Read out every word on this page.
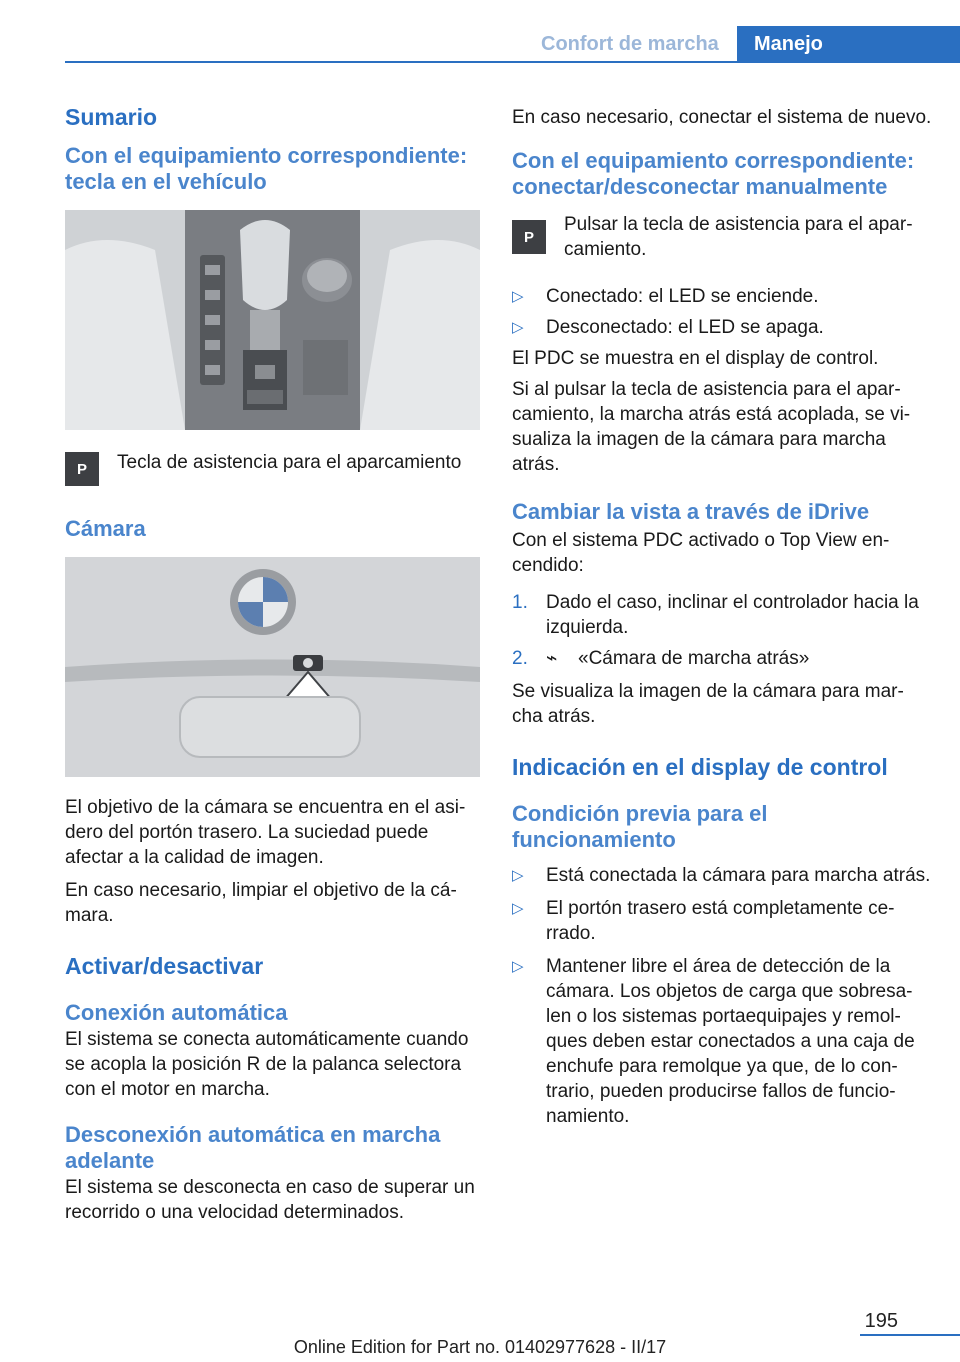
Confort de marcha	Manejo
Sumario
Con el equipamiento correspondiente: tecla en el vehículo
P	Tecla de asistencia para el aparcamiento

Cámara

El objetivo de la cámara se encuentra en el asi‐dero del portón trasero. La suciedad puede afectar a la calidad de imagen.

En caso necesario, limpiar el objetivo de la cá‐mara.

Activar/desactivar
Conexión automática

El sistema se conecta automáticamente cuando se acopla la posición R de la palanca selectora con el motor en marcha.

Desconexión automática en marcha adelante

El sistema se desconecta en caso de superar un recorrido o una velocidad determinados.

En caso necesario, conectar el sistema de nuevo.

Con el equipamiento correspondiente: conectar/desconectar manualmente
P

Pulsar la tecla de asistencia para el apar‐camiento.

▷ Conectado: el LED se enciende.
▷ Desconectado: el LED se apaga.

El PDC se muestra en el display de control.

Si al pulsar la tecla de asistencia para el apar‐camiento, la marcha atrás está acoplada, se vi‐sualiza la imagen de la cámara para marcha atrás.

Cambiar la vista a través de iDrive

Con el sistema PDC activado o Top View en‐cendido:

1. Dado el caso, inclinar el controlador hacia la izquierda.
2. ⌁ «Cámara de marcha atrás»

Se visualiza la imagen de la cámara para mar‐cha atrás.

Indicación en el display de control
Condición previa para el funcionamiento
▷ Está conectada la cámara para marcha atrás.
▷ El portón trasero está completamente ce‐rrado.
▷ Mantener libre el área de detección de la cámara. Los objetos de carga que sobresa‐len o los sistemas portaequipajes y remol‐ques deben estar conectados a una caja de enchufe para remolque ya que, de lo con‐trario, pueden producirse fallos de funcio‐namiento.
195
Online Edition for Part no. 01402977628 - II/17
